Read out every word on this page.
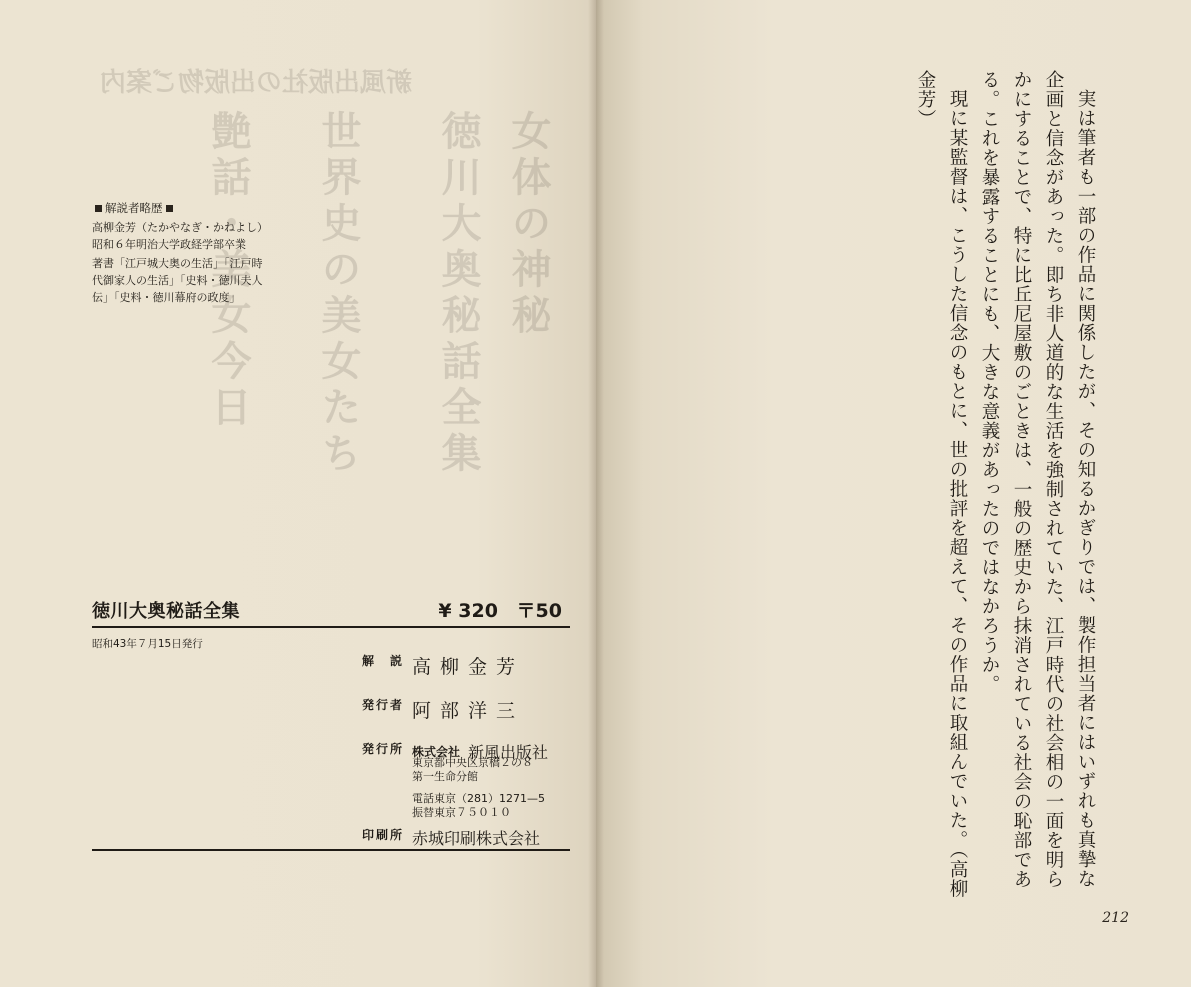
新風出版社の出版物ご案内
女体の神秘
徳川大奥秘話全集
世界史の美女たち
艶話・美女今日
解説者略歴

高柳金芳（たかやなぎ・かねよし）昭和６年明治大学政経学部卒業

著書「江戸城大奥の生活」「江戸時代御家人の生活」「史料・徳川夫人伝」「史料・徳川幕府の政度」

徳川大奥秘話全集	¥ 320 〒50
昭和43年７月15日発行
解　説 高柳金芳
発行者 阿部洋三
発行所 株式会社 新風出版社
東京都中央区京橋２の８
第一生命分館
電話東京（281）1271—5
振替東京７５０１０
印刷所 赤城印刷株式会社
　	実は筆者も一部の作品に関係したが、その知るかぎりでは、製作担当者にはいずれも真摯な企画と信念があった。即ち非人道的な生活を強制されていた、江戸時代の社会相の一面を明らかにすることで、特に比丘尼屋敷のごときは、一般の歴史から抹消されている社会の恥部である。これを暴露することにも、大きな意義があったのではなかろうか。

現に某監督は、こうした信念のもとに、世の批評を超えて、その作品に取組んでいた。（高柳金芳）

212
